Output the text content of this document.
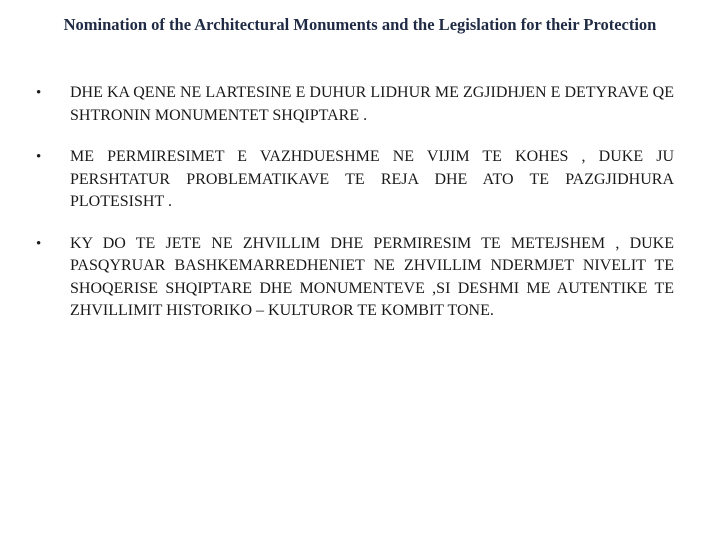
Nomination of the Architectural Monuments and the Legislation for their Protection
•	DHE KA QENE NE LARTESINE E DUHUR LIDHUR ME ZGJIDHJEN E DETYRAVE QE SHTRONIN MONUMENTET SHQIPTARE .
•	ME PERMIRESIMET E VAZHDUESHME NE VIJIM TE KOHES , DUKE JU PERSHTATUR PROBLEMATIKAVE TE REJA DHE ATO TE PAZGJIDHURA PLOTESISHT .
•	KY DO TE JETE NE ZHVILLIM DHE PERMIRESIM TE METEJSHEM , DUKE PASQYRUAR BASHKEMARREDHENIET NE ZHVILLIM NDERMJET NIVELIT TE SHOQERISE SHQIPTARE DHE MONUMENTEVE ,SI DESHMI ME AUTENTIKE TE ZHVILLIMIT HISTORIKO – KULTUROR TE KOMBIT TONE.
